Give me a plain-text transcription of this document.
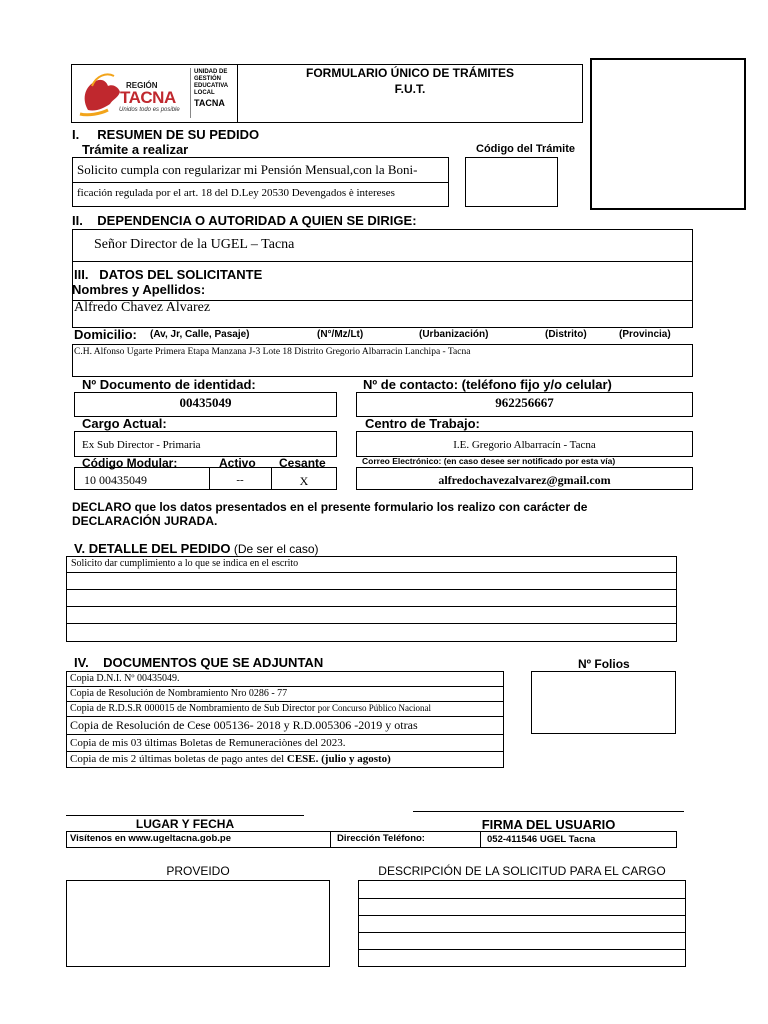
REGIÓN
TACNA
Unidos todo es posible
UNIDAD DE
GESTIÓN
EDUCATIVA
LOCAL
TACNA
FORMULARIO ÚNICO DE TRÁMITES
F.U.T.
I.     RESUMEN DE SU PEDIDO
Trámite a realizar	Código del Trámite
Solicito cumpla con regularizar mi Pensión Mensual,con la Boni-
ficación regulada por el art. 18 del D.Ley 20530 Devengados è intereses
II.    DEPENDENCIA O AUTORIDAD A QUIEN SE DIRIGE:
Señor Director de la UGEL – Tacna
III.   DATOS DEL SOLICITANTE
Nombres y Apellidos:
Alfredo Chavez Alvarez
Domicilio: (Av, Jr, Calle, Pasaje)	(N°/Mz/Lt)	(Urbanización)	(Distrito)	(Provincia)
C.H. Alfonso Ugarte Primera Etapa Manzana J-3 Lote 18 Distrito Gregorio Albarracin Lanchipa - Tacna
Nº Documento de identidad:	Nº de contacto: (teléfono fijo y/o celular)
00435049	962256667
Cargo Actual:	Centro de Trabajo:
Ex Sub Director - Primaria	I.E. Gregorio Albarracín - Tacna
Código Modular:	Activo Cesante	Correo Electrónico: (en caso desee ser notificado por esta vía)
10 00435049	--	X	alfredochavezalvarez@gmail.com
DECLARO que los datos presentados en el presente formulario los realizo con carácter de
DECLARACIÓN JURADA.
V. DETALLE DEL PEDIDO (De ser el caso)
Solicito dar cumplimiento a lo que se indica en el escrito
IV.    DOCUMENTOS QUE SE ADJUNTAN	Nº Folios
Copia D.N.I. Nº 00435049.
Copia de Resolución de Nombramiento Nro 0286 - 77
Copia de R.D.S.R 000015 de Nombramiento de Sub Director por Concurso Público Nacional
Copia de Resolución de Cese 005136- 2018 y R.D.005306 -2019 y otras
Copia de mis 03 últimas Boletas de Remuneraciònes del 2023.
Copia de mis 2 últimas boletas de pago antes del CESE. (julio y agosto)
LUGAR Y FECHA	FIRMA DEL USUARIO
Visítenos en www.ugeltacna.gob.pe	Dirección Teléfono:	052-411546 UGEL Tacna
PROVEIDO	DESCRIPCIÓN DE LA SOLICITUD PARA EL CARGO
